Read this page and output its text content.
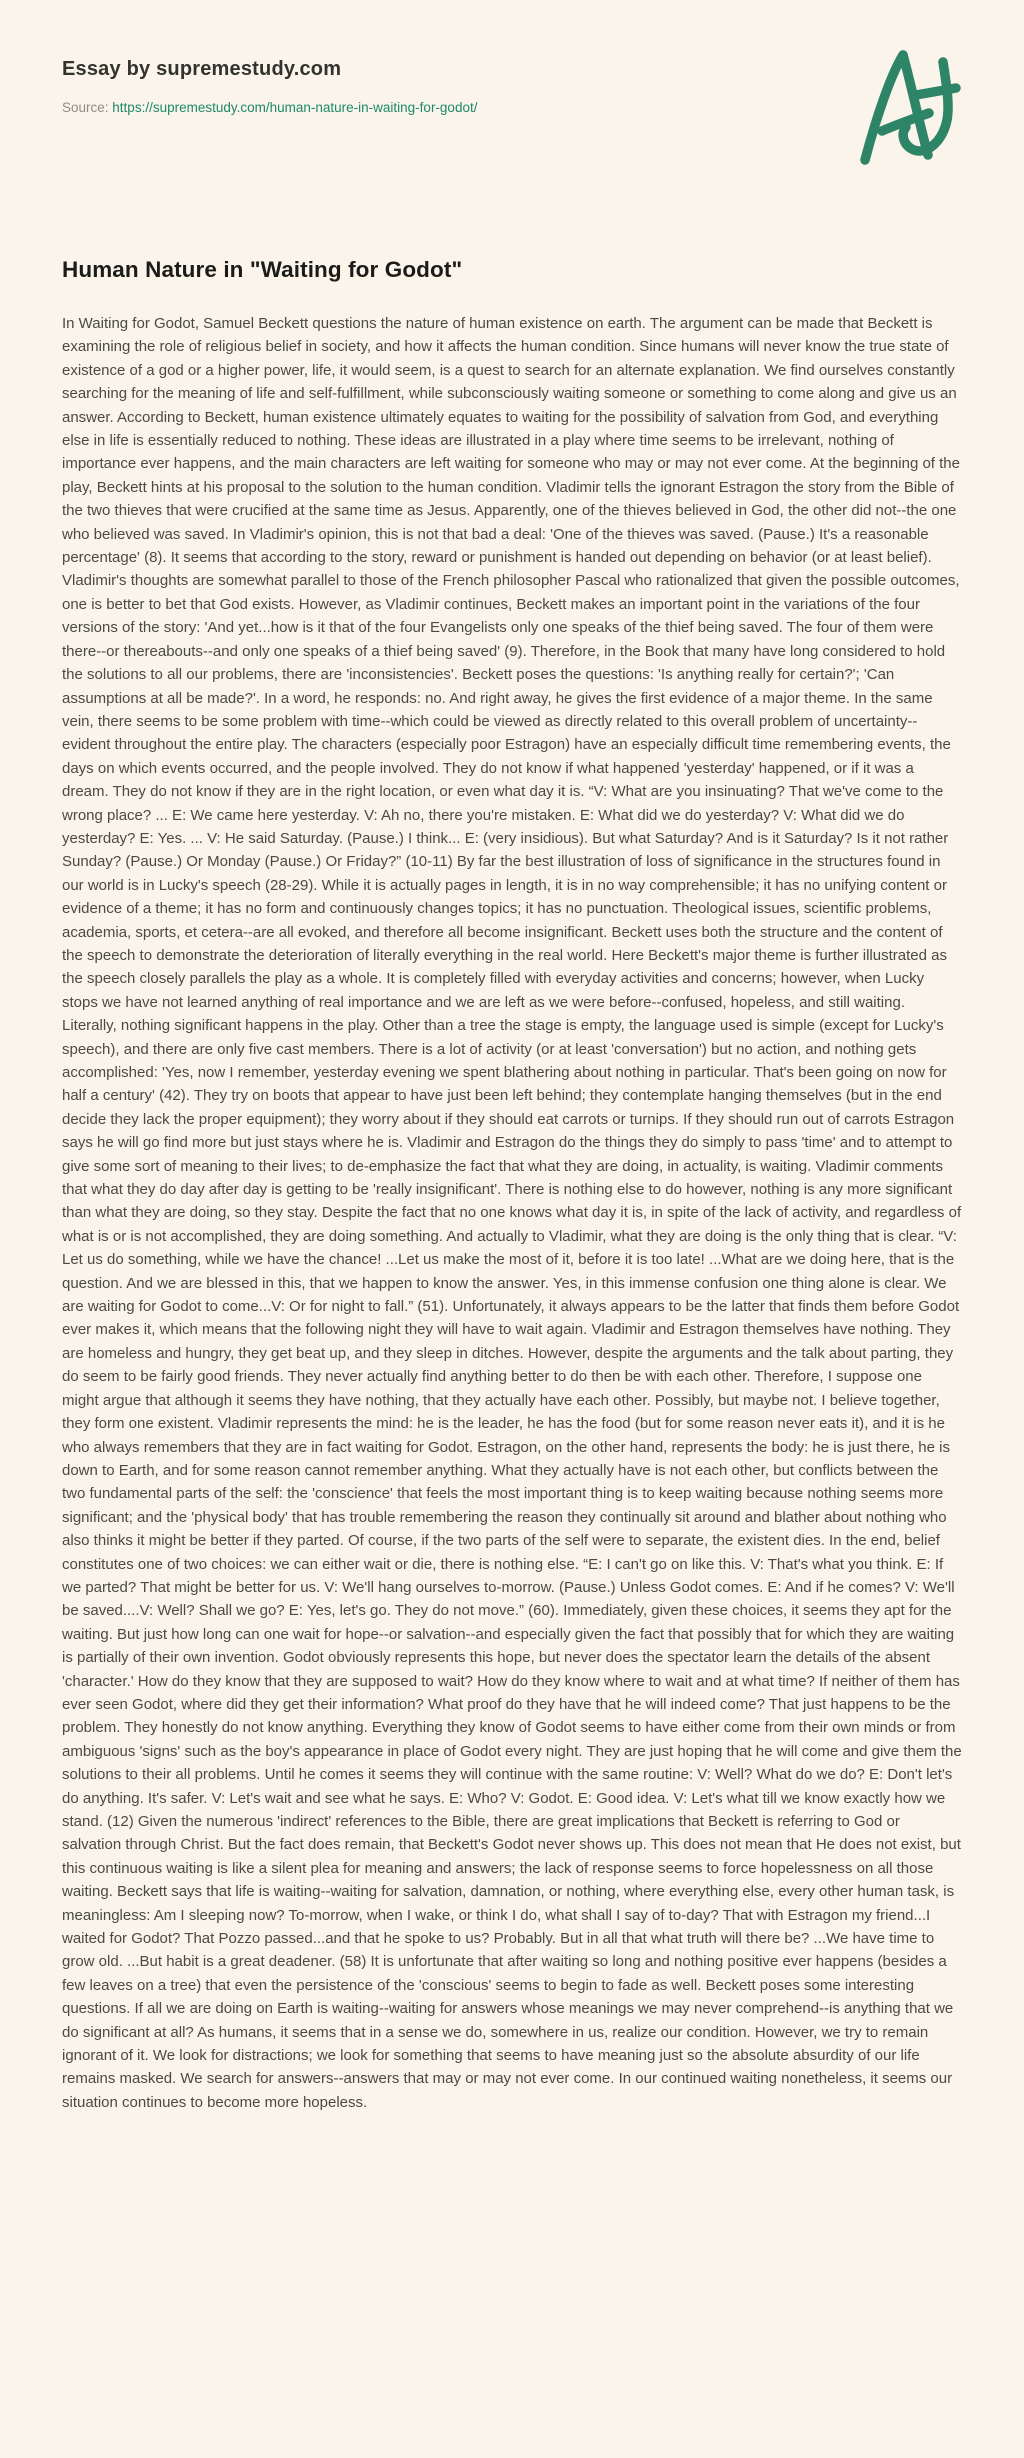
Essay by supremestudy.com
Source: https://supremestudy.com/human-nature-in-waiting-for-godot/
Human Nature in "Waiting for Godot"

In Waiting for Godot, Samuel Beckett questions the nature of human existence on earth. The argument can be made that Beckett is examining the role of religious belief in society, and how it affects the human condition. Since humans will never know the true state of existence of a god or a higher power, life, it would seem, is a quest to search for an alternate explanation. We find ourselves constantly searching for the meaning of life and self-fulfillment, while subconsciously waiting someone or something to come along and give us an answer. According to Beckett, human existence ultimately equates to waiting for the possibility of salvation from God, and everything else in life is essentially reduced to nothing. These ideas are illustrated in a play where time seems to be irrelevant, nothing of importance ever happens, and the main characters are left waiting for someone who may or may not ever come. At the beginning of the play, Beckett hints at his proposal to the solution to the human condition. Vladimir tells the ignorant Estragon the story from the Bible of the two thieves that were crucified at the same time as Jesus. Apparently, one of the thieves believed in God, the other did not--the one who believed was saved. In Vladimir's opinion, this is not that bad a deal: 'One of the thieves was saved. (Pause.) It's a reasonable percentage' (8). It seems that according to the story, reward or punishment is handed out depending on behavior (or at least belief). Vladimir's thoughts are somewhat parallel to those of the French philosopher Pascal who rationalized that given the possible outcomes, one is better to bet that God exists. However, as Vladimir continues, Beckett makes an important point in the variations of the four versions of the story: 'And yet...how is it that of the four Evangelists only one speaks of the thief being saved. The four of them were there--or thereabouts--and only one speaks of a thief being saved' (9). Therefore, in the Book that many have long considered to hold the solutions to all our problems, there are 'inconsistencies'. Beckett poses the questions: 'Is anything really for certain?'; 'Can assumptions at all be made?'. In a word, he responds: no. And right away, he gives the first evidence of a major theme. In the same vein, there seems to be some problem with time--which could be viewed as directly related to this overall problem of uncertainty--evident throughout the entire play. The characters (especially poor Estragon) have an especially difficult time remembering events, the days on which events occurred, and the people involved. They do not know if what happened 'yesterday' happened, or if it was a dream. They do not know if they are in the right location, or even what day it is. “V: What are you insinuating? That we've come to the wrong place? ... E: We came here yesterday. V: Ah no, there you're mistaken. E: What did we do yesterday? V: What did we do yesterday? E: Yes. ... V: He said Saturday. (Pause.) I think... E: (very insidious). But what Saturday? And is it Saturday? Is it not rather Sunday? (Pause.) Or Monday (Pause.) Or Friday?” (10-11) By far the best illustration of loss of significance in the structures found in our world is in Lucky's speech (28-29). While it is actually pages in length, it is in no way comprehensible; it has no unifying content or evidence of a theme; it has no form and continuously changes topics; it has no punctuation. Theological issues, scientific problems, academia, sports, et cetera--are all evoked, and therefore all become insignificant. Beckett uses both the structure and the content of the speech to demonstrate the deterioration of literally everything in the real world. Here Beckett's major theme is further illustrated as the speech closely parallels the play as a whole. It is completely filled with everyday activities and concerns; however, when Lucky stops we have not learned anything of real importance and we are left as we were before--confused, hopeless, and still waiting. Literally, nothing significant happens in the play. Other than a tree the stage is empty, the language used is simple (except for Lucky's speech), and there are only five cast members. There is a lot of activity (or at least 'conversation') but no action, and nothing gets accomplished: 'Yes, now I remember, yesterday evening we spent blathering about nothing in particular. That's been going on now for half a century' (42). They try on boots that appear to have just been left behind; they contemplate hanging themselves (but in the end decide they lack the proper equipment); they worry about if they should eat carrots or turnips. If they should run out of carrots Estragon says he will go find more but just stays where he is. Vladimir and Estragon do the things they do simply to pass 'time' and to attempt to give some sort of meaning to their lives; to de-emphasize the fact that what they are doing, in actuality, is waiting. Vladimir comments that what they do day after day is getting to be 'really insignificant'. There is nothing else to do however, nothing is any more significant than what they are doing, so they stay. Despite the fact that no one knows what day it is, in spite of the lack of activity, and regardless of what is or is not accomplished, they are doing something. And actually to Vladimir, what they are doing is the only thing that is clear. “V: Let us do something, while we have the chance! ...Let us make the most of it, before it is too late! ...What are we doing here, that is the question. And we are blessed in this, that we happen to know the answer. Yes, in this immense confusion one thing alone is clear. We are waiting for Godot to come...V: Or for night to fall.” (51). Unfortunately, it always appears to be the latter that finds them before Godot ever makes it, which means that the following night they will have to wait again. Vladimir and Estragon themselves have nothing. They are homeless and hungry, they get beat up, and they sleep in ditches. However, despite the arguments and the talk about parting, they do seem to be fairly good friends. They never actually find anything better to do then be with each other. Therefore, I suppose one might argue that although it seems they have nothing, that they actually have each other. Possibly, but maybe not. I believe together, they form one existent. Vladimir represents the mind: he is the leader, he has the food (but for some reason never eats it), and it is he who always remembers that they are in fact waiting for Godot. Estragon, on the other hand, represents the body: he is just there, he is down to Earth, and for some reason cannot remember anything. What they actually have is not each other, but conflicts between the two fundamental parts of the self: the 'conscience' that feels the most important thing is to keep waiting because nothing seems more significant; and the 'physical body' that has trouble remembering the reason they continually sit around and blather about nothing who also thinks it might be better if they parted. Of course, if the two parts of the self were to separate, the existent dies. In the end, belief constitutes one of two choices: we can either wait or die, there is nothing else. “E: I can't go on like this. V: That's what you think. E: If we parted? That might be better for us. V: We'll hang ourselves to-morrow. (Pause.) Unless Godot comes. E: And if he comes? V: We'll be saved....V: Well? Shall we go? E: Yes, let's go. They do not move.” (60). Immediately, given these choices, it seems they apt for the waiting. But just how long can one wait for hope--or salvation--and especially given the fact that possibly that for which they are waiting is partially of their own invention. Godot obviously represents this hope, but never does the spectator learn the details of the absent 'character.' How do they know that they are supposed to wait? How do they know where to wait and at what time? If neither of them has ever seen Godot, where did they get their information? What proof do they have that he will indeed come? That just happens to be the problem. They honestly do not know anything. Everything they know of Godot seems to have either come from their own minds or from ambiguous 'signs' such as the boy's appearance in place of Godot every night. They are just hoping that he will come and give them the solutions to their all problems. Until he comes it seems they will continue with the same routine: V: Well? What do we do? E: Don't let's do anything. It's safer. V: Let's wait and see what he says. E: Who? V: Godot. E: Good idea. V: Let's what till we know exactly how we stand. (12) Given the numerous 'indirect' references to the Bible, there are great implications that Beckett is referring to God or salvation through Christ. But the fact does remain, that Beckett's Godot never shows up. This does not mean that He does not exist, but this continuous waiting is like a silent plea for meaning and answers; the lack of response seems to force hopelessness on all those waiting. Beckett says that life is waiting--waiting for salvation, damnation, or nothing, where everything else, every other human task, is meaningless: Am I sleeping now? To-morrow, when I wake, or think I do, what shall I say of to-day? That with Estragon my friend...I waited for Godot? That Pozzo passed...and that he spoke to us? Probably. But in all that what truth will there be? ...We have time to grow old. ...But habit is a great deadener. (58) It is unfortunate that after waiting so long and nothing positive ever happens (besides a few leaves on a tree) that even the persistence of the 'conscious' seems to begin to fade as well. Beckett poses some interesting questions. If all we are doing on Earth is waiting--waiting for answers whose meanings we may never comprehend--is anything that we do significant at all? As humans, it seems that in a sense we do, somewhere in us, realize our condition. However, we try to remain ignorant of it. We look for distractions; we look for something that seems to have meaning just so the absolute absurdity of our life remains masked. We search for answers--answers that may or may not ever come. In our continued waiting nonetheless, it seems our situation continues to become more hopeless.
